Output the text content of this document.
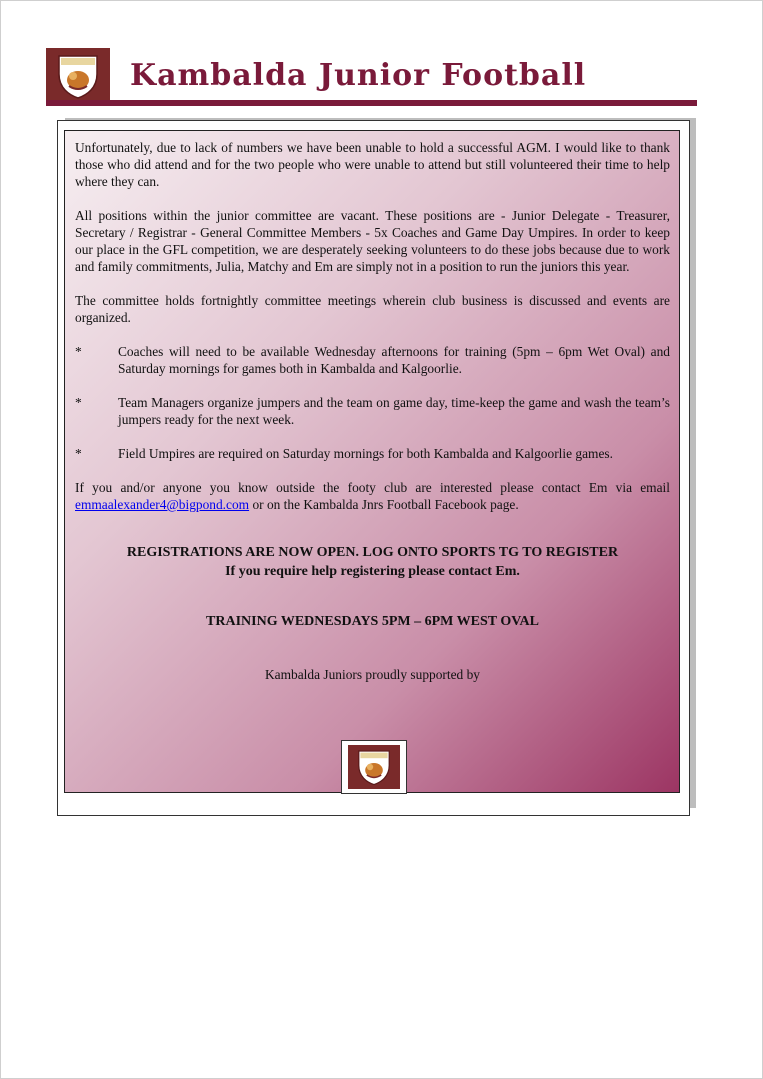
Kambalda Junior Football

Unfortunately, due to lack of numbers we have been unable to hold a successful AGM. I would like to thank those who did attend and for the two people who were unable to attend but still volunteered their time to help where they can.

All positions within the junior committee are vacant. These positions are - Junior Delegate - Treasurer, Secretary / Registrar - General Committee Members - 5x Coaches and Game Day Umpires. In order to keep our place in the GFL competition, we are desperately seeking volunteers to do these jobs because due to work and family commitments, Julia, Matchy and Em are simply not in a position to run the juniors this year.

The committee holds fortnightly committee meetings wherein club business is discussed and events are organized.

*	Coaches will need to be available Wednesday afternoons for training (5pm – 6pm Wet Oval) and Saturday mornings for games both in Kambalda and Kalgoorlie.
*	Team Managers organize jumpers and the team on game day, time-keep the game and wash the team’s jumpers ready for the next week.
*	Field Umpires are required on Saturday mornings for both Kambalda and Kalgoorlie games.

If you and/or anyone you know outside the footy club are interested please contact Em via email emmaalexander4@bigpond.com or on the Kambalda Jnrs Football Facebook page.

REGISTRATIONS ARE NOW OPEN. LOG ONTO SPORTS TG TO REGISTER
If you require help registering please contact Em.
TRAINING WEDNESDAYS 5PM – 6PM WEST OVAL
Kambalda Juniors proudly supported by
